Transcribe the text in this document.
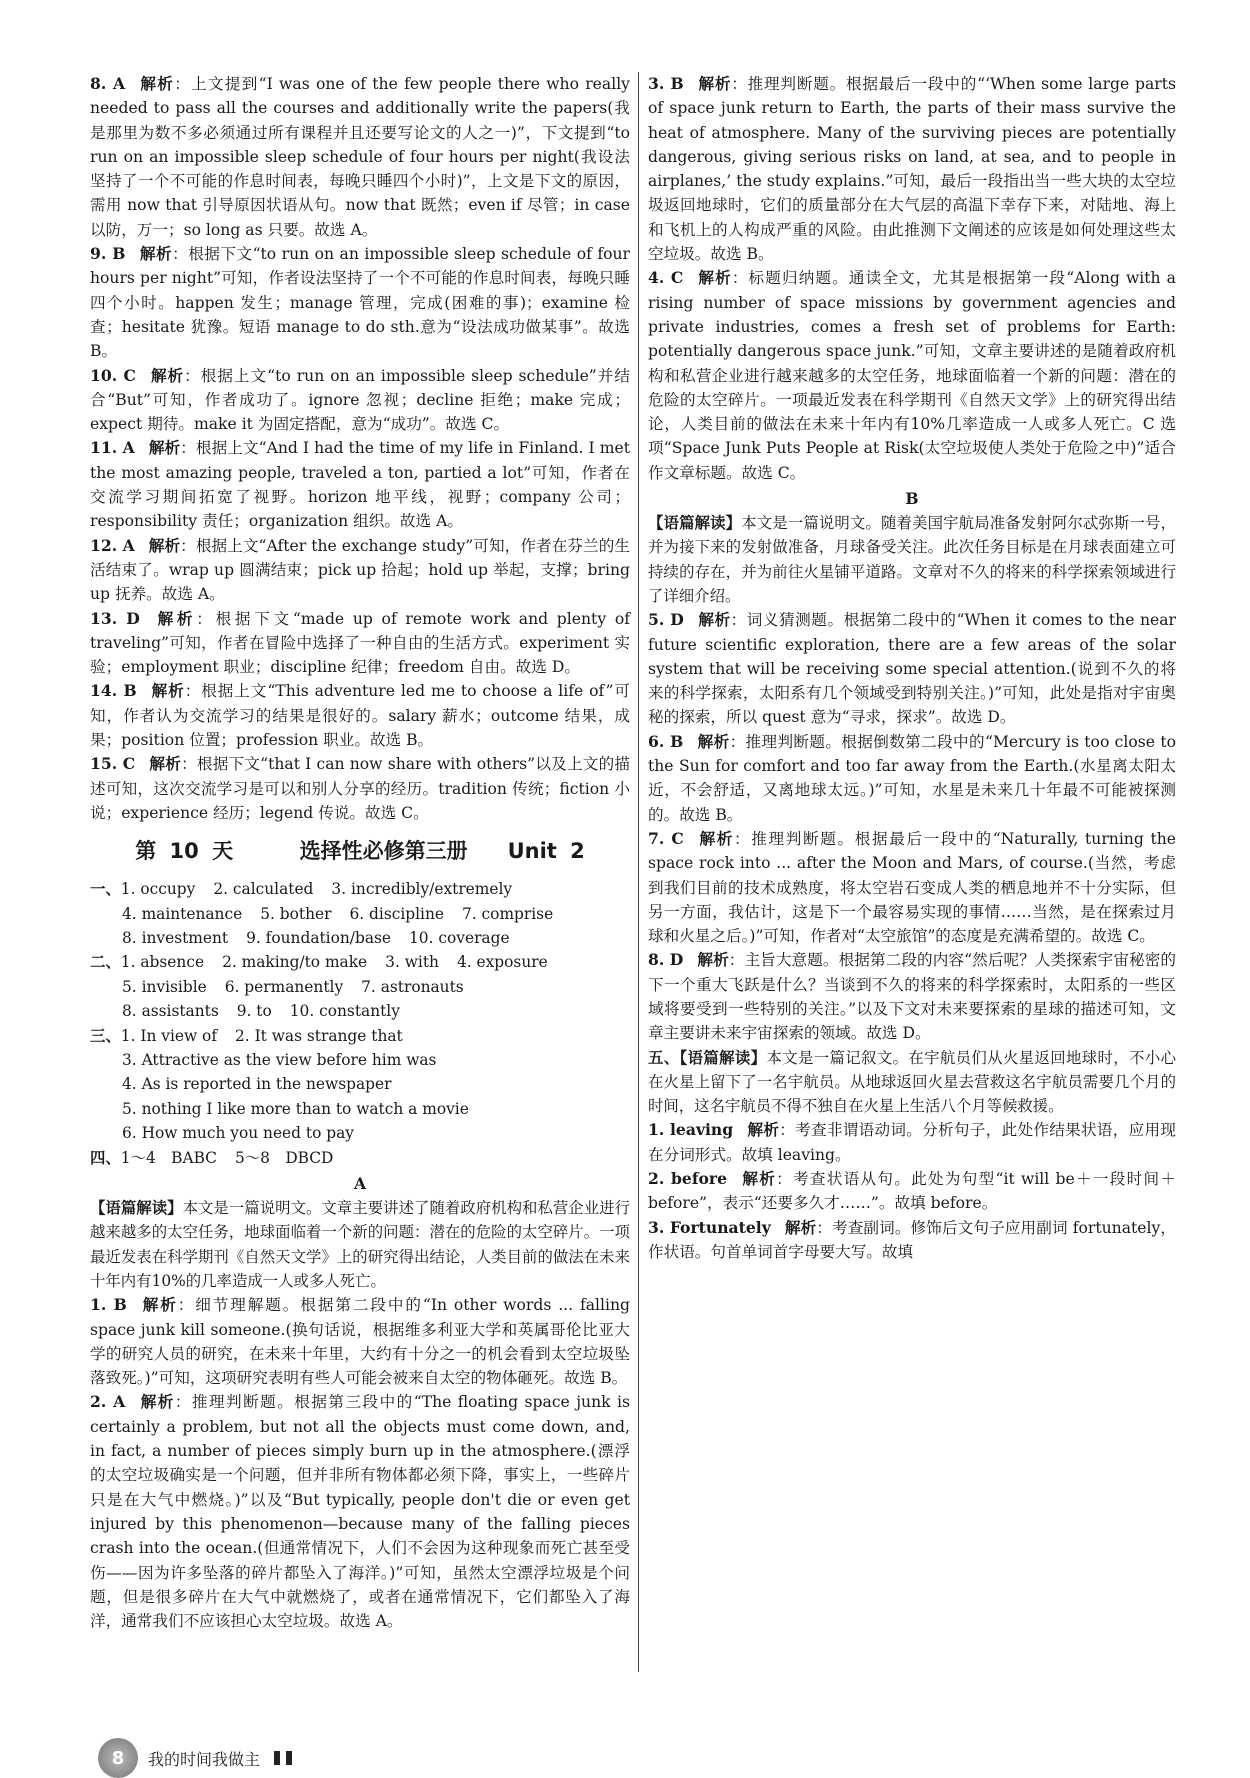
8. A 解析：上文提到“I was one of the few people there who really needed to pass all the courses and additionally write the papers(我是那里为数不多必须通过所有课程并且还要写论文的人之一)”，下文提到“to run on an impossible sleep schedule of four hours per night(我设法坚持了一个不可能的作息时间表，每晚只睡四个小时)”，上文是下文的原因，需用 now that 引导原因状语从句。now that 既然；even if 尽管；in case 以防，万一；so long as 只要。故选 A。

9. B 解析：根据下文“to run on an impossible sleep schedule of four hours per night”可知，作者设法坚持了一个不可能的作息时间表，每晚只睡四个小时。happen 发生；manage 管理，完成(困难的事)；examine 检查；hesitate 犹豫。短语 manage to do sth.意为“设法成功做某事”。故选 B。

10. C 解析：根据上文“to run on an impossible sleep schedule”并结合“But”可知，作者成功了。ignore 忽视；decline 拒绝；make 完成；expect 期待。make it 为固定搭配，意为“成功”。故选 C。

11. A 解析：根据上文“And I had the time of my life in Finland. I met the most amazing people, traveled a ton, partied a lot”可知，作者在交流学习期间拓宽了视野。horizon 地平线，视野；company 公司；responsibility 责任；organization 组织。故选 A。

12. A 解析：根据上文“After the exchange study”可知，作者在芬兰的生活结束了。wrap up 圆满结束；pick up 拾起；hold up 举起，支撑；bring up 抚养。故选 A。

13. D 解析：根据下文“made up of remote work and plenty of traveling”可知，作者在冒险中选择了一种自由的生活方式。experiment 实验；employment 职业；discipline 纪律；freedom 自由。故选 D。

14. B 解析：根据上文“This adventure led me to choose a life of”可知，作者认为交流学习的结果是很好的。salary 薪水；outcome 结果，成果；position 位置；profession 职业。故选 B。

15. C 解析：根据下文“that I can now share with others”以及上文的描述可知，这次交流学习是可以和别人分享的经历。tradition 传统；fiction 小说；experience 经历；legend 传说。故选 C。

第 10 天	选择性必修第三册 Unit 2

一、1. occupy 2. calculated 3. incredibly/extremely

4. maintenance 5. bother 6. discipline 7. comprise

8. investment 9. foundation/base 10. coverage

二、1. absence 2. making/to make 3. with 4. exposure

5. invisible 6. permanently 7. astronauts

8. assistants 9. to 10. constantly

三、1. In view of 2. It was strange that

3. Attractive as the view before him was

4. As is reported in the newspaper

5. nothing I like more than to watch a movie

6. How much you need to pay

四、1～4　BABC 5～8　DBCD

A

【语篇解读】本文是一篇说明文。文章主要讲述了随着政府机构和私营企业进行越来越多的太空任务，地球面临着一个新的问题：潜在的危险的太空碎片。一项最近发表在科学期刊《自然天文学》上的研究得出结论，人类目前的做法在未来十年内有10%的几率造成一人或多人死亡。

1. B 解析：细节理解题。根据第二段中的“In other words ... falling space junk kill someone.(换句话说，根据维多利亚大学和英属哥伦比亚大学的研究人员的研究，在未来十年里，大约有十分之一的机会看到太空垃圾坠落致死。)”可知，这项研究表明有些人可能会被来自太空的物体砸死。故选 B。

2. A 解析：推理判断题。根据第三段中的“The floating space junk is certainly a problem, but not all the objects must come down, and, in fact, a number of pieces simply burn up in the atmosphere.(漂浮的太空垃圾确实是一个问题，但并非所有物体都必须下降，事实上，一些碎片只是在大气中燃烧。)”以及“But typically, people don't die or even get injured by this phenomenon—because many of the falling pieces crash into the ocean.(但通常情况下，人们不会因为这种现象而死亡甚至受伤——因为许多坠落的碎片都坠入了海洋。)”可知，虽然太空漂浮垃圾是个问题，但是很多碎片在大气中就燃烧了，或者在通常情况下，它们都坠入了海洋，通常我们不应该担心太空垃圾。故选 A。

3. B 解析：推理判断题。根据最后一段中的“‘When some large parts of space junk return to Earth, the parts of their mass survive the heat of atmosphere. Many of the surviving pieces are potentially dangerous, giving serious risks on land, at sea, and to people in airplanes,’ the study explains.”可知，最后一段指出当一些大块的太空垃圾返回地球时，它们的质量部分在大气层的高温下幸存下来，对陆地、海上和飞机上的人构成严重的风险。由此推测下文阐述的应该是如何处理这些太空垃圾。故选 B。

4. C 解析：标题归纳题。通读全文，尤其是根据第一段“Along with a rising number of space missions by government agencies and private industries, comes a fresh set of problems for Earth: potentially dangerous space junk.”可知，文章主要讲述的是随着政府机构和私营企业进行越来越多的太空任务，地球面临着一个新的问题：潜在的危险的太空碎片。一项最近发表在科学期刊《自然天文学》上的研究得出结论，人类目前的做法在未来十年内有10%几率造成一人或多人死亡。C 选项“Space Junk Puts People at Risk(太空垃圾使人类处于危险之中)”适合作文章标题。故选 C。

B

【语篇解读】本文是一篇说明文。随着美国宇航局准备发射阿尔忒弥斯一号，并为接下来的发射做准备，月球备受关注。此次任务目标是在月球表面建立可持续的存在，并为前往火星铺平道路。文章对不久的将来的科学探索领域进行了详细介绍。

5. D 解析：词义猜测题。根据第二段中的“When it comes to the near future scientific exploration, there are a few areas of the solar system that will be receiving some special attention.(说到不久的将来的科学探索，太阳系有几个领域受到特别关注。)”可知，此处是指对宇宙奥秘的探索，所以 quest 意为“寻求，探求”。故选 D。

6. B 解析：推理判断题。根据倒数第二段中的“Mercury is too close to the Sun for comfort and too far away from the Earth.(水星离太阳太近，不会舒适，又离地球太远。)”可知，水星是未来几十年最不可能被探测的。故选 B。

7. C 解析：推理判断题。根据最后一段中的“Naturally, turning the space rock into ... after the Moon and Mars, of course.(当然，考虑到我们目前的技术成熟度，将太空岩石变成人类的栖息地并不十分实际，但另一方面，我估计，这是下一个最容易实现的事情……当然，是在探索过月球和火星之后。)”可知，作者对“太空旅馆”的态度是充满希望的。故选 C。

8. D 解析：主旨大意题。根据第二段的内容“然后呢？人类探索宇宙秘密的下一个重大飞跃是什么？当谈到不久的将来的科学探索时，太阳系的一些区域将要受到一些特别的关注。”以及下文对未来要探索的星球的描述可知，文章主要讲未来宇宙探索的领域。故选 D。

五、【语篇解读】本文是一篇记叙文。在宇航员们从火星返回地球时，不小心在火星上留下了一名宇航员。从地球返回火星去营救这名宇航员需要几个月的时间，这名宇航员不得不独自在火星上生活八个月等候救援。

1. leaving 解析：考查非谓语动词。分析句子，此处作结果状语，应用现在分词形式。故填 leaving。

2. before 解析：考查状语从句。此处为句型“it will be＋一段时间＋before”，表示“还要多久才……”。故填 before。

3. Fortunately 解析：考查副词。修饰后文句子应用副词 fortunately，作状语。句首单词首字母要大写。故填

8	我的时间我做主
